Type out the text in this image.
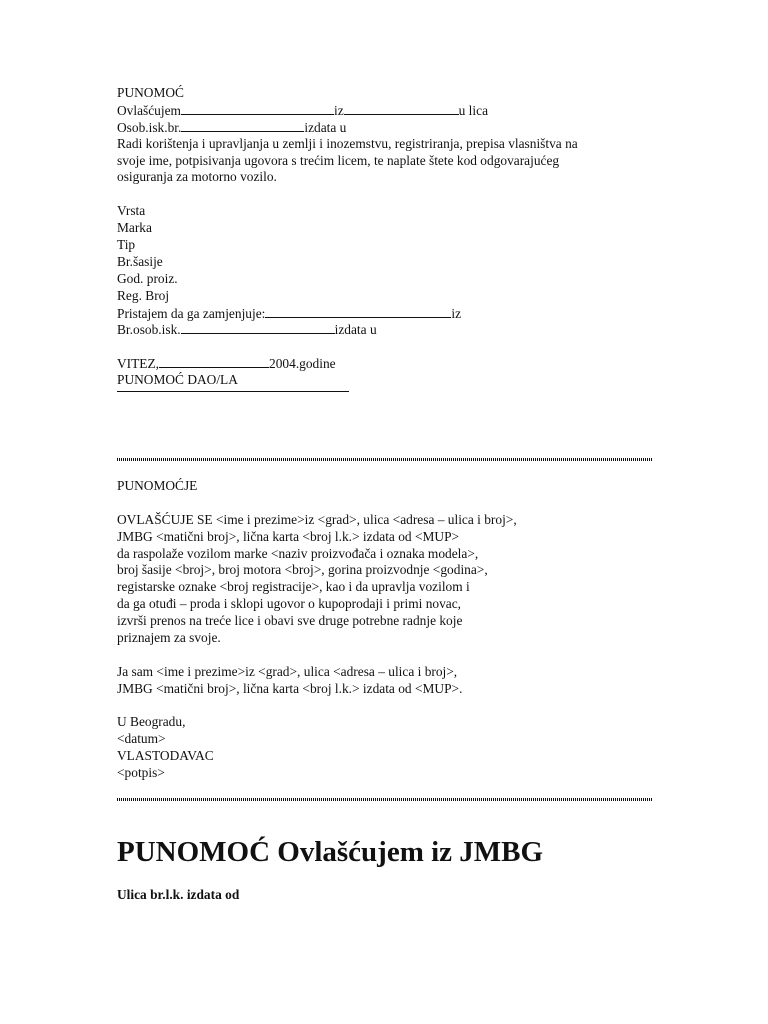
PUNOMOĆ
Ovlašćujem	iz	u lica
Osob.isk.br.	izdata u
Radi korištenja i upravljanja u zemlji i inozemstvu, registriranja, prepisa vlasništva na
svoje ime, potpisivanja ugovora s trećim licem, te naplate štete kod odgovarajućeg
osiguranja za motorno vozilo.
Vrsta
Marka
Tip
Br.šasije
God. proiz.
Reg. Broj
Pristajem da ga zamjenjuje:	iz
Br.osob.isk.	izdata u
VITEZ,	2004.godine
PUNOMOĆ DAO/LA
PUNOMOĆJE
OVLAŠĆUJE SE <ime i prezime>iz <grad>, ulica <adresa – ulica i broj>,
JMBG <matični broj>, lična karta <broj l.k.> izdata od <MUP>
da raspolaže vozilom marke <naziv proizvođača i oznaka modela>,
broj šasije <broj>, broj motora <broj>, gorina proizvodnje <godina>,
registarske oznake <broj registracije>, kao i da upravlja vozilom i
da ga otuđi – proda i sklopi ugovor o kupoprodaji i primi novac,
izvrši prenos na treće lice i obavi sve druge potrebne radnje koje
priznajem za svoje.
Ja sam <ime i prezime>iz <grad>, ulica <adresa – ulica i broj>,
JMBG <matični broj>, lična karta <broj l.k.> izdata od <MUP>.
U Beogradu,
<datum>
VLASTODAVAC
<potpis>
PUNOMOĆ Ovlašćujem iz JMBG
Ulica br.l.k. izdata od
